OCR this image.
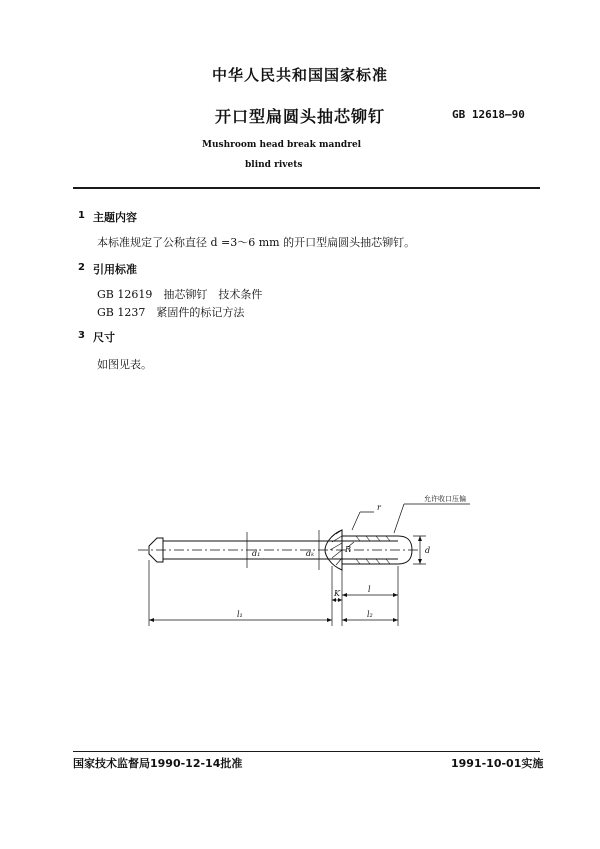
中华人民共和国国家标准
开口型扁圆头抽芯铆钉	GB 12618—90
Mushroom head break mandrel
blind rivets
1 主题内容
本标准规定了公称直径 d =3～6 mm 的开口型扁圆头抽芯铆钉。
2 引用标准
GB 12619　抽芯铆钉　技术条件
GB 1237　紧固件的标记方法
3 尺寸
如图见表。
d₁	dₖ	d
r
R
K	l
l₁	l₂
允许收口压偏
国家技术监督局1990-12-14批准	1991-10-01实施
